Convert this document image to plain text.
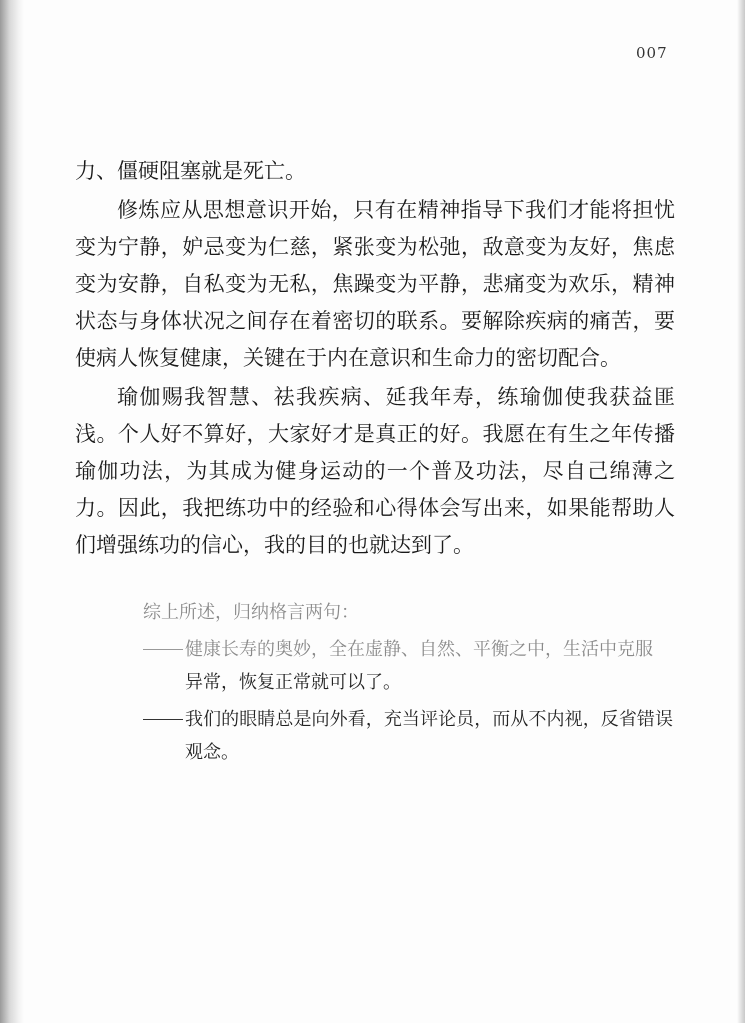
007

力、僵硬阻塞就是死亡。

修炼应从思想意识开始，只有在精神指导下我们才能将担忧变为宁静，妒忌变为仁慈，紧张变为松弛，敌意变为友好，焦虑变为安静，自私变为无私，焦躁变为平静，悲痛变为欢乐，精神状态与身体状况之间存在着密切的联系。要解除疾病的痛苦，要使病人恢复健康，关键在于内在意识和生命力的密切配合。

瑜伽赐我智慧、祛我疾病、延我年寿，练瑜伽使我获益匪浅。个人好不算好，大家好才是真正的好。我愿在有生之年传播瑜伽功法，为其成为健身运动的一个普及功法，尽自己绵薄之力。因此，我把练功中的经验和心得体会写出来，如果能帮助人们增强练功的信心，我的目的也就达到了。

综上所述，归纳格言两句：

健康长寿的奥妙，全在虚静、自然、平衡之中，生活中克服
异常，恢复正常就可以了。
我们的眼睛总是向外看，充当评论员，而从不内视，反省错误观念。
